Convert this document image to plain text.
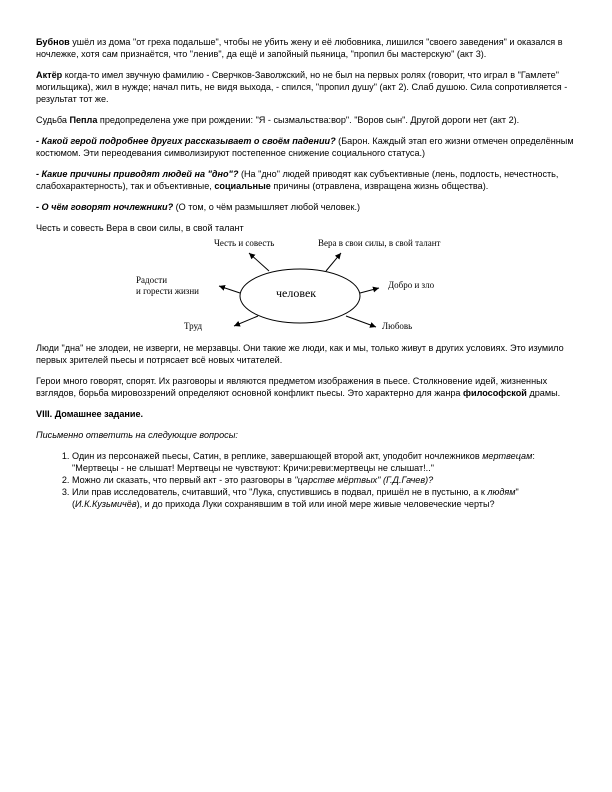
Бубнов ушёл из дома "от греха подальше", чтобы не убить жену и её любовника, лишился "своего заведения" и оказался в ночлежке, хотя сам признаётся, что "ленив", да ещё и запойный пьяница, "пропил бы мастерскую" (акт 3).

Актёр когда-то имел звучную фамилию - Сверчков-Заволжский, но не был на первых ролях (говорит, что играл в "Гамлете" могильщика), жил в нужде; начал пить, не видя выхода, - спился, "пропил душу" (акт 2). Слаб душою. Сила сопротивляется - результат тот же.

Судьба Пепла предопределена уже при рождении: "Я - сызмальства:вор". "Воров сын". Другой дороги нет (акт 2).

- Какой герой подробнее других рассказывает о своём падении? (Барон. Каждый этап его жизни отмечен определённым костюмом. Эти переодевания символизируют постепенное снижение социального статуса.)

- Какие причины приводят людей на "дно"? (На "дно" людей приводят как субъективные (лень, подлость, нечестность, слабохарактерность), так и объективные, социальные причины (отравлена, извращена жизнь общества).

- О чём говорят ночлежники? (О том, о чём размышляет любой человек.)

Честь и совесть Вера в свои силы, в свой талант

человек
Честь и совесть	Вера в свои силы, в свой талант
Радости
и горести жизни
Добро и зло
Труд	Любовь

Люди "дна" не злодеи, не изверги, не мерзавцы. Они такие же люди, как и мы, только живут в других условиях. Это изумило первых зрителей пьесы и потрясает всё новых читателей.

Герои много говорят, спорят. Их разговоры и являются предметом изображения в пьесе. Столкновение идей, жизненных взглядов, борьба мировоззрений определяют основной конфликт пьесы. Это характерно для жанра философской драмы.

VIII. Домашнее задание.

Письменно ответить на следующие вопросы:

1. Один из персонажей пьесы, Сатин, в реплике, завершающей второй акт, уподобит ночлежников мертвецам: "Мертвецы - не слышат! Мертвецы не чувствуют: Кричи:реви:мертвецы не слышат!.."
2. Можно ли сказать, что первый акт - это разговоры в "царстве мёртвых" (Г.Д.Гачев)?
3. Или прав исследователь, считавший, что "Лука, спустившись в подвал, пришёл не в пустыню, а к людям" (И.К.Кузьмичёв), и до прихода Луки сохранявшим в той или иной мере живые человеческие черты?
